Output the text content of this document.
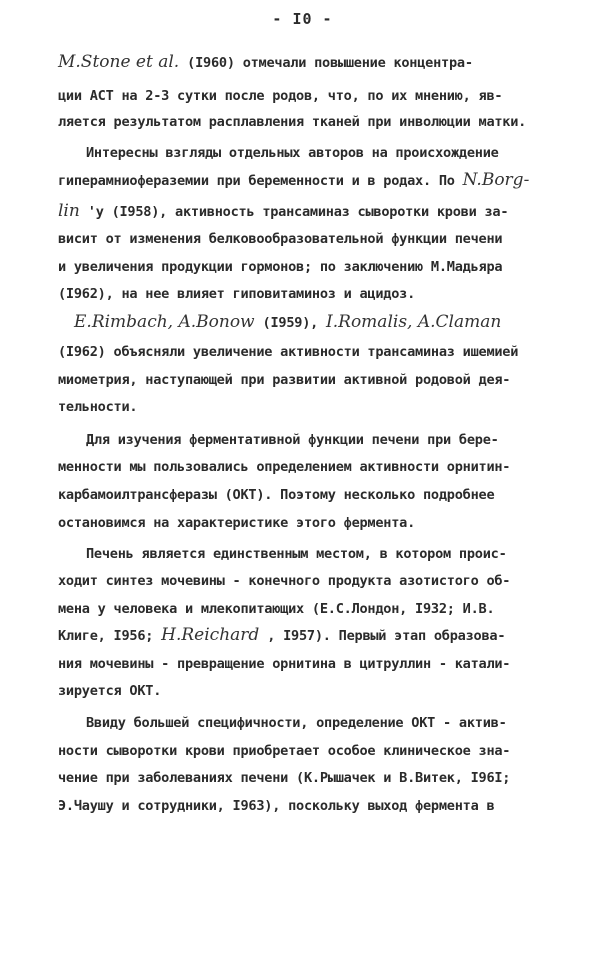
- I0 -
M.Stone et al. (I960) отмечали повышение концентра-
ции АСТ на 2-3 сутки после родов, что, по их мнению, яв-
ляется результатом расплавления тканей при инволюции матки.
Интересны взгляды отдельных авторов на происхождение
гиперамниоферазeмии при беременности и в родах. По N.Borg-
lin 'у (I958), активность трансаминаз сыворотки крови за-
висит от изменения белковообразовательной функции печени
и увеличения продукции гормонов; по заключению М.Мадьяра
(I962), на нее влияет гиповитаминоз и ацидоз.
E.Rimbach, A.Bonow (I959), I.Romalis, A.Claman
(I962) объясняли увеличение активности трансаминаз ишемией
миометрия, наступающей при развитии активной родовой дея-
тельности.
Для изучения ферментативной функции печени при бере-
менности мы пользовались определением активности орнитин-
карбамоилтрансферазы (ОКТ). Поэтому несколько подробнее
остановимся на характеристике этого фермента.
Печень является единственным местом, в котором проис-
ходит синтез мочевины - конечного продукта азотистого об-
мена у человека и млекопитающих (Е.С.Лондон, I932; И.В.
Клиге, I956; H.Reichard , I957). Первый этап образова-
ния мочевины - превращение орнитина в цитруллин - катали-
зируется ОКТ.
Ввиду большей специфичности, определение ОКТ - актив-
ности сыворотки крови приобретает особое клиническое зна-
чение при заболеваниях печени (К.Рышачек и В.Витек, I96I;
Э.Чаушу и сотрудники, I963), поскольку выход фермента в
